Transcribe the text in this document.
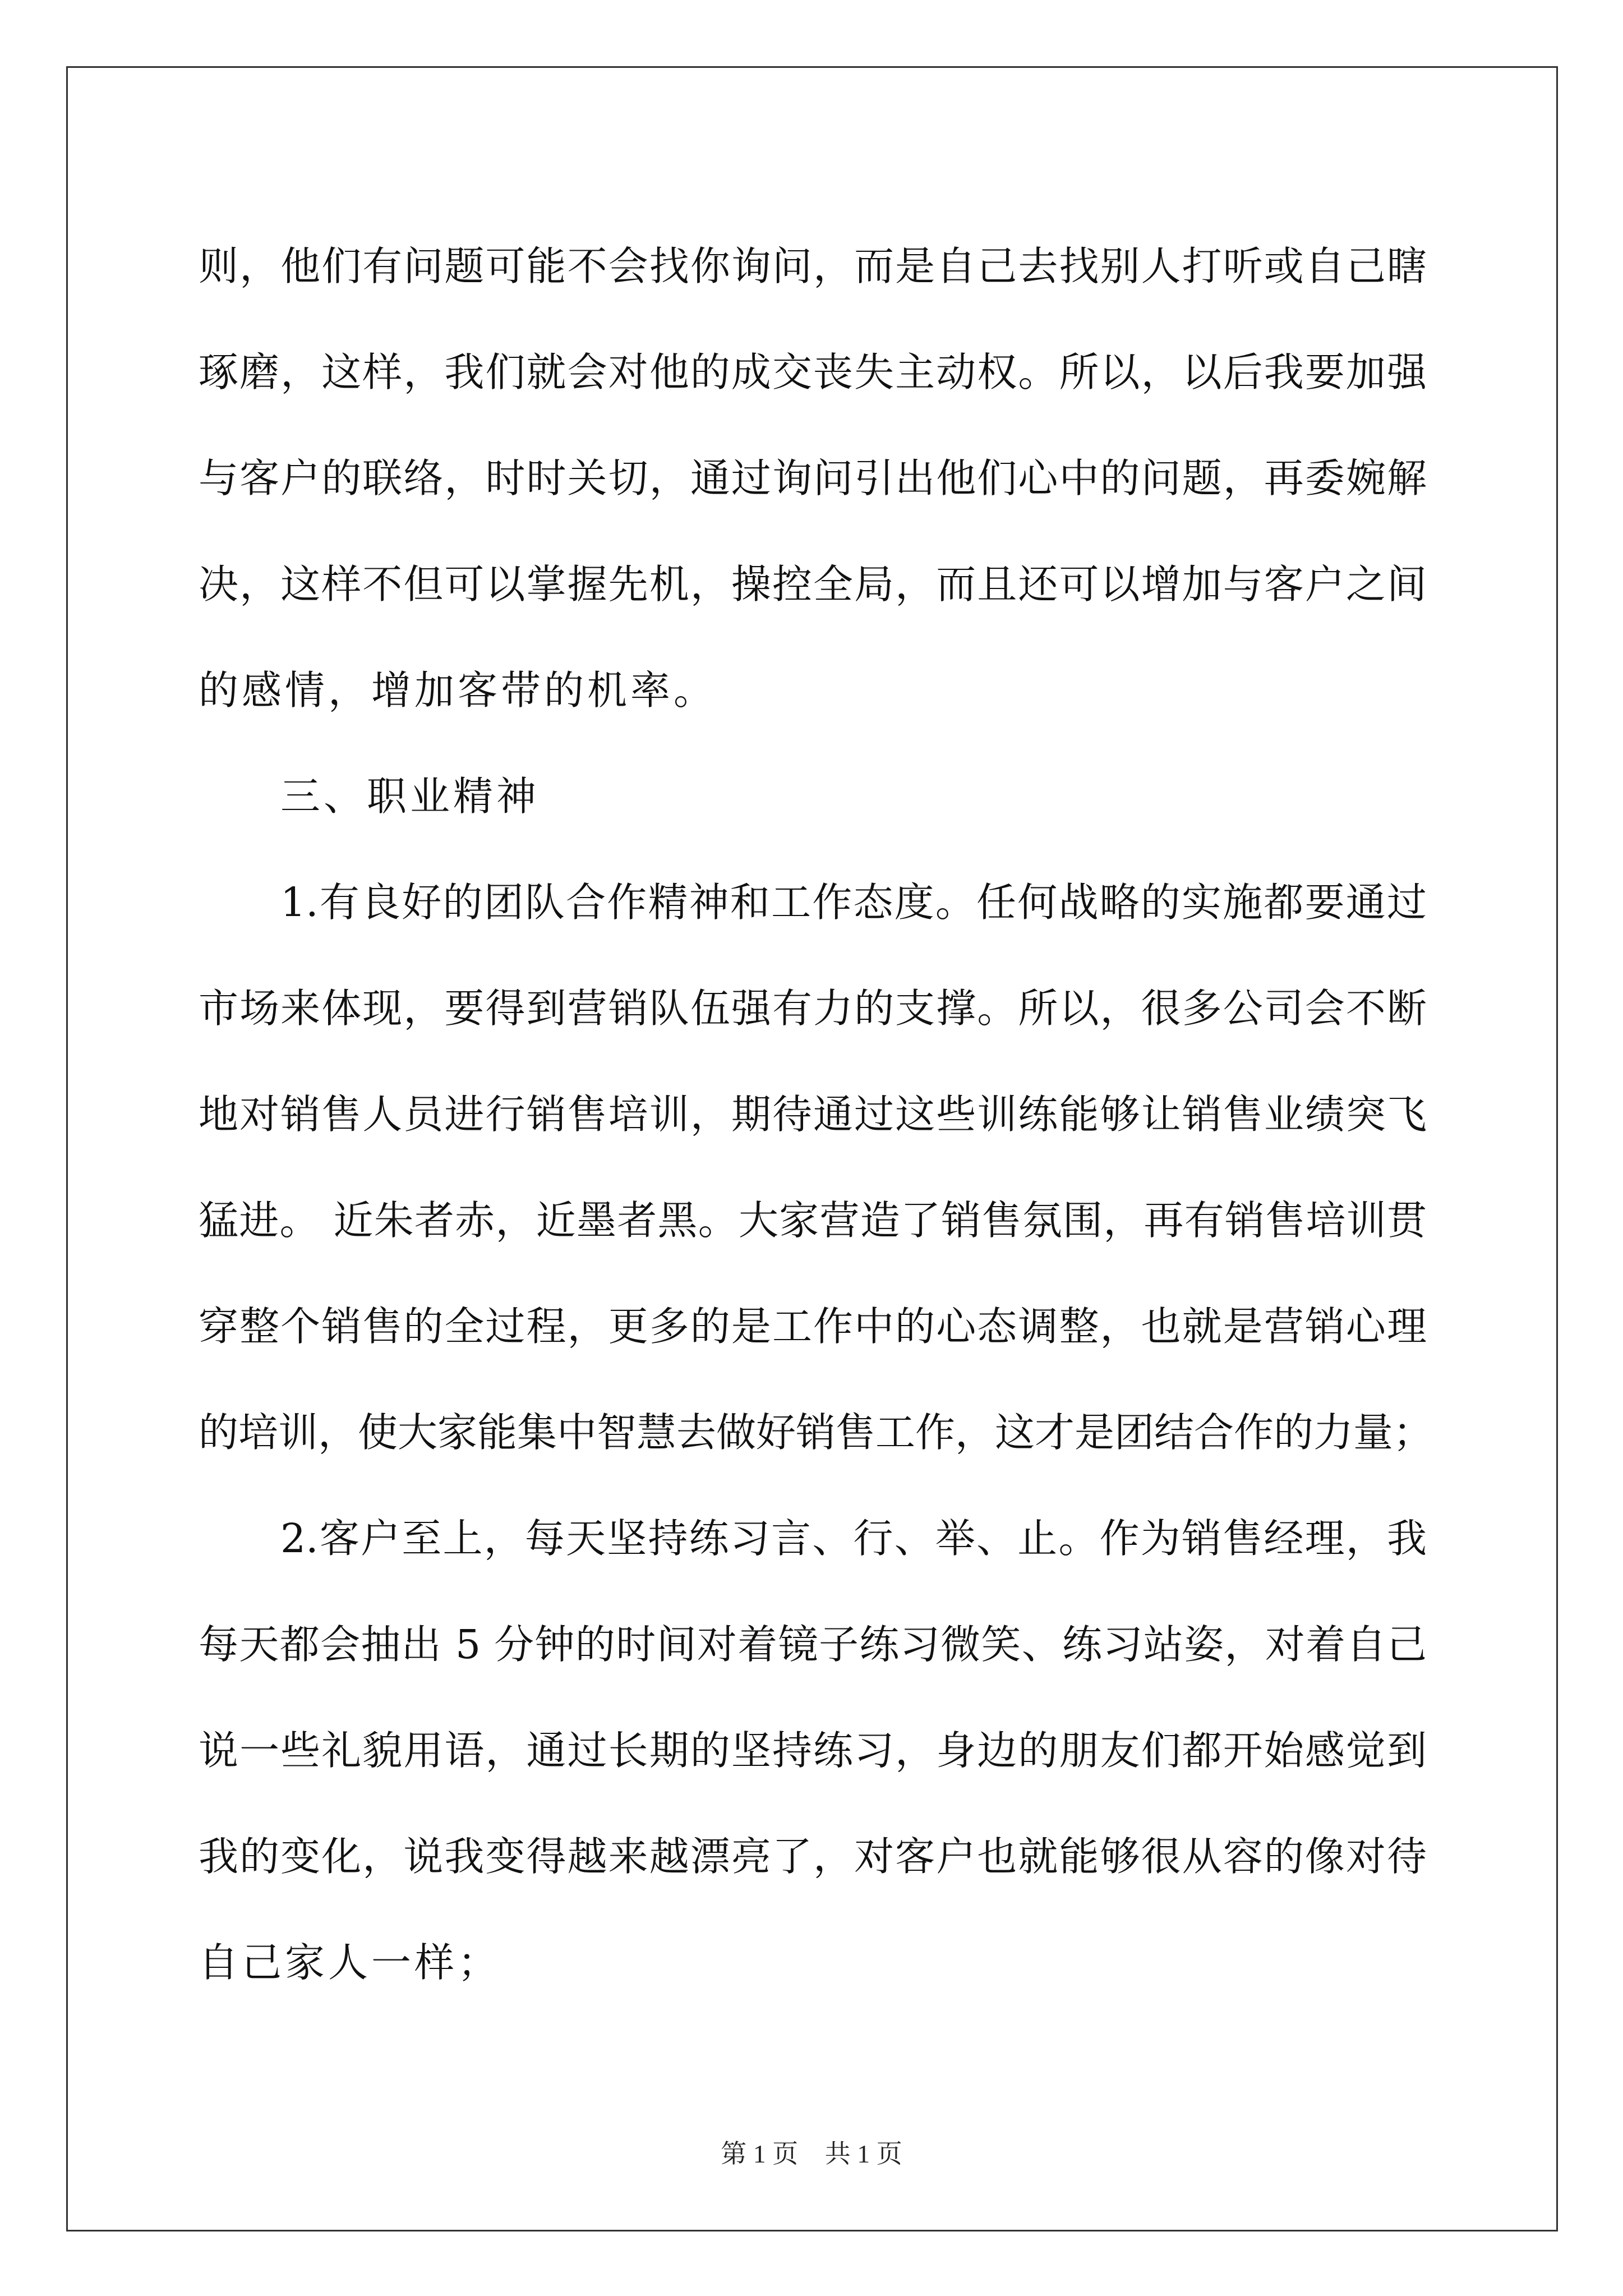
则，他们有问题可能不会找你询问，而是自己去找别人打听或自己瞎
琢磨，这样，我们就会对他的成交丧失主动权。所以，以后我要加强
与客户的联络，时时关切，通过询问引出他们心中的问题，再委婉解
决，这样不但可以掌握先机，操控全局，而且还可以增加与客户之间
的感情，增加客带的机率。
三、职业精神
1.有良好的团队合作精神和工作态度。任何战略的实施都要通过
市场来体现，要得到营销队伍强有力的支撑。所以，很多公司会不断
地对销售人员进行销售培训，期待通过这些训练能够让销售业绩突飞
猛进。 近朱者赤，近墨者黑。大家营造了销售氛围，再有销售培训贯
穿整个销售的全过程，更多的是工作中的心态调整，也就是营销心理
的培训，使大家能集中智慧去做好销售工作，这才是团结合作的力量；
2.客户至上，每天坚持练习言、行、举、止。作为销售经理，我
每天都会抽出 5 分钟的时间对着镜子练习微笑、练习站姿，对着自己
说一些礼貌用语，通过长期的坚持练习，身边的朋友们都开始感觉到
我的变化，说我变得越来越漂亮了，对客户也就能够很从容的像对待
自己家人一样；
第 1 页 共 1 页
